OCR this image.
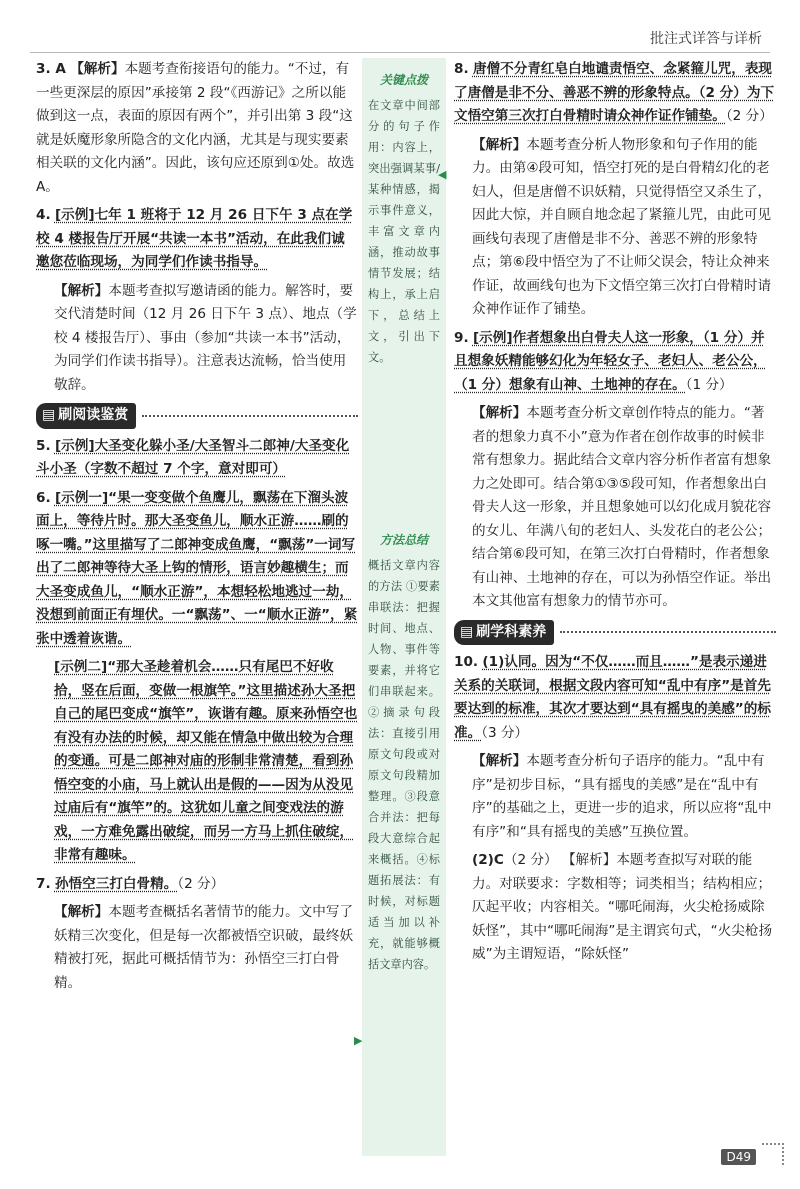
批注式详答与详析

3. A 【解析】本题考查衔接语句的能力。“不过，有一些更深层的原因”承接第 2 段“《西游记》之所以能做到这一点，表面的原因有两个”，并引出第 3 段“这就是妖魔形象所隐含的文化内涵，尤其是与现实要素相关联的文化内涵”。因此，该句应还原到①处。故选 A。

4. [示例]七年 1 班将于 12 月 26 日下午 3 点在学校 4 楼报告厅开展“共读一本书”活动，在此我们诚邀您莅临现场，为同学们作读书指导。

【解析】本题考查拟写邀请函的能力。解答时，要交代清楚时间（12 月 26 日下午 3 点）、地点（学校 4 楼报告厅）、事由（参加“共读一本书”活动，为同学们作读书指导）。注意表达流畅，恰当使用敬辞。

▤ 刷阅读鉴赏

5. [示例]大圣变化躲小圣/大圣智斗二郎神/大圣变化斗小圣（字数不超过 7 个字，意对即可）

6. [示例一]“果一变变做个鱼鹰儿，飘荡在下溜头波面上，等待片时。那大圣变鱼儿，顺水正游……刷的啄一嘴。”这里描写了二郎神变成鱼鹰，“飘荡”一词写出了二郎神等待大圣上钩的情形，语言妙趣横生；而大圣变成鱼儿，“顺水正游”，本想轻松地逃过一劫，没想到前面正有埋伏。一“飘荡”、一“顺水正游”，紧张中透着诙谐。

[示例二]“那大圣趁着机会……只有尾巴不好收拾，竖在后面，变做一根旗竿。”这里描述孙大圣把自己的尾巴变成“旗竿”，诙谐有趣。原来孙悟空也有没有办法的时候，却又能在情急中做出较为合理的变通。可是二郎神对庙的形制非常清楚，看到孙悟空变的小庙，马上就认出是假的——因为从没见过庙后有“旗竿”的。这犹如儿童之间变戏法的游戏，一方难免露出破绽，而另一方马上抓住破绽，非常有趣味。

7. 孙悟空三打白骨精。（2 分）

【解析】本题考查概括名著情节的能力。文中写了妖精三次变化，但是每一次都被悟空识破，最终妖精被打死，据此可概括情节为：孙悟空三打白骨精。

关键点拨
在文章中间部分的句子作用：内容上，突出强调某事/某种情感，揭示事件意义，丰富文章内涵，推动故事情节发展；结构上，承上启下，总结上文，引出下文。
方法总结
概括文章内容的方法 ①要素串联法：把握时间、地点、人物、事件等要素，并将它们串联起来。②摘录句段法：直接引用原文句段或对原文句段精加整理。③段意合并法：把每段大意综合起来概括。④标题拓展法：有时候，对标题适当加以补充，就能够概括文章内容。
◀
▶

8. 唐僧不分青红皂白地谴责悟空、念紧箍儿咒，表现了唐僧是非不分、善恶不辨的形象特点。（2 分）为下文悟空第三次打白骨精时请众神作证作铺垫。（2 分）

【解析】本题考查分析人物形象和句子作用的能力。由第④段可知，悟空打死的是白骨精幻化的老妇人，但是唐僧不识妖精，只觉得悟空又杀生了，因此大惊，并自顾自地念起了紧箍儿咒，由此可见画线句表现了唐僧是非不分、善恶不辨的形象特点；第⑥段中悟空为了不让师父误会，特让众神来作证，故画线句也为下文悟空第三次打白骨精时请众神作证作了铺垫。

9. [示例]作者想象出白骨夫人这一形象，（1 分）并且想象妖精能够幻化为年轻女子、老妇人、老公公，（1 分）想象有山神、土地神的存在。（1 分）

【解析】本题考查分析文章创作特点的能力。“著者的想象力真不小”意为作者在创作故事的时候非常有想象力。据此结合文章内容分析作者富有想象力之处即可。结合第①③⑤段可知，作者想象出白骨夫人这一形象，并且想象她可以幻化成月貌花容的女儿、年满八旬的老妇人、头发花白的老公公；结合第⑥段可知，在第三次打白骨精时，作者想象有山神、土地神的存在，可以为孙悟空作证。举出本文其他富有想象力的情节亦可。

▤ 刷学科素养

10. (1)认同。因为“不仅……而且……”是表示递进关系的关联词，根据文段内容可知“乱中有序”是首先要达到的标准，其次才要达到“具有摇曳的美感”的标准。（3 分）

【解析】本题考查分析句子语序的能力。“乱中有序”是初步目标，“具有摇曳的美感”是在“乱中有序”的基础之上，更进一步的追求，所以应将“乱中有序”和“具有摇曳的美感”互换位置。

(2)C（2 分） 【解析】本题考查拟写对联的能力。对联要求：字数相等；词类相当；结构相应；仄起平收；内容相关。“哪吒闹海，火尖枪扬威除妖怪”，其中“哪吒闹海”是主谓宾句式，“火尖枪扬威”为主谓短语，“除妖怪”

D49
